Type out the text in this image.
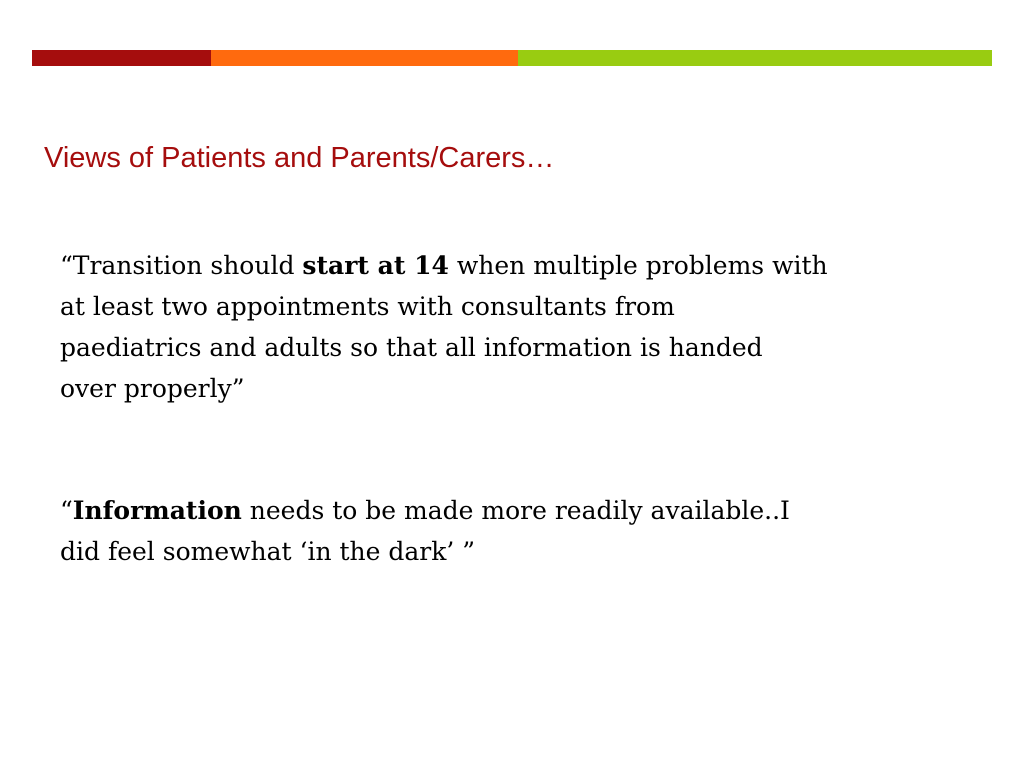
Views of Patients and Parents/Carers…
“Transition should start at 14 when multiple problems with
at least two appointments with consultants from
paediatrics and adults so that all information is handed
over properly”
“Information needs to be made more readily available..I
did feel somewhat ‘in the dark’ ”
